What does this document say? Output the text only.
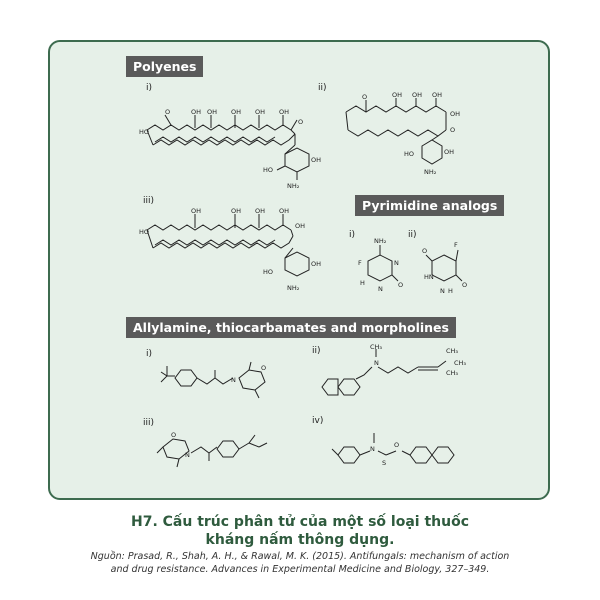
Polyenes
Pyrimidine analogs
Allylamine, thiocarbamates and morpholines
i)	ii)
iii)
i)	ii)
i)	ii)
iii)	iv)
O	OH OH OH OH OH
O
HO
HO
NH₂
OH
O	OH OH OH
OH
O
HO
NH₂
OH
OH	OH OH OH
HO
OH
HO
NH₂
OH
NH₂
F	N
N
H	O
O
F
HN
N H
O
N
O
N
CH₃	CH₃
CH₃
CH₃
O
N
N
S
O
H7. Cấu trúc phân tử của một số loại thuốc
kháng nấm thông dụng.
Nguồn: Prasad, R., Shah, A. H., & Rawal, M. K. (2015). Antifungals: mechanism of action
and drug resistance. Advances in Experimental Medicine and Biology, 327–349.
